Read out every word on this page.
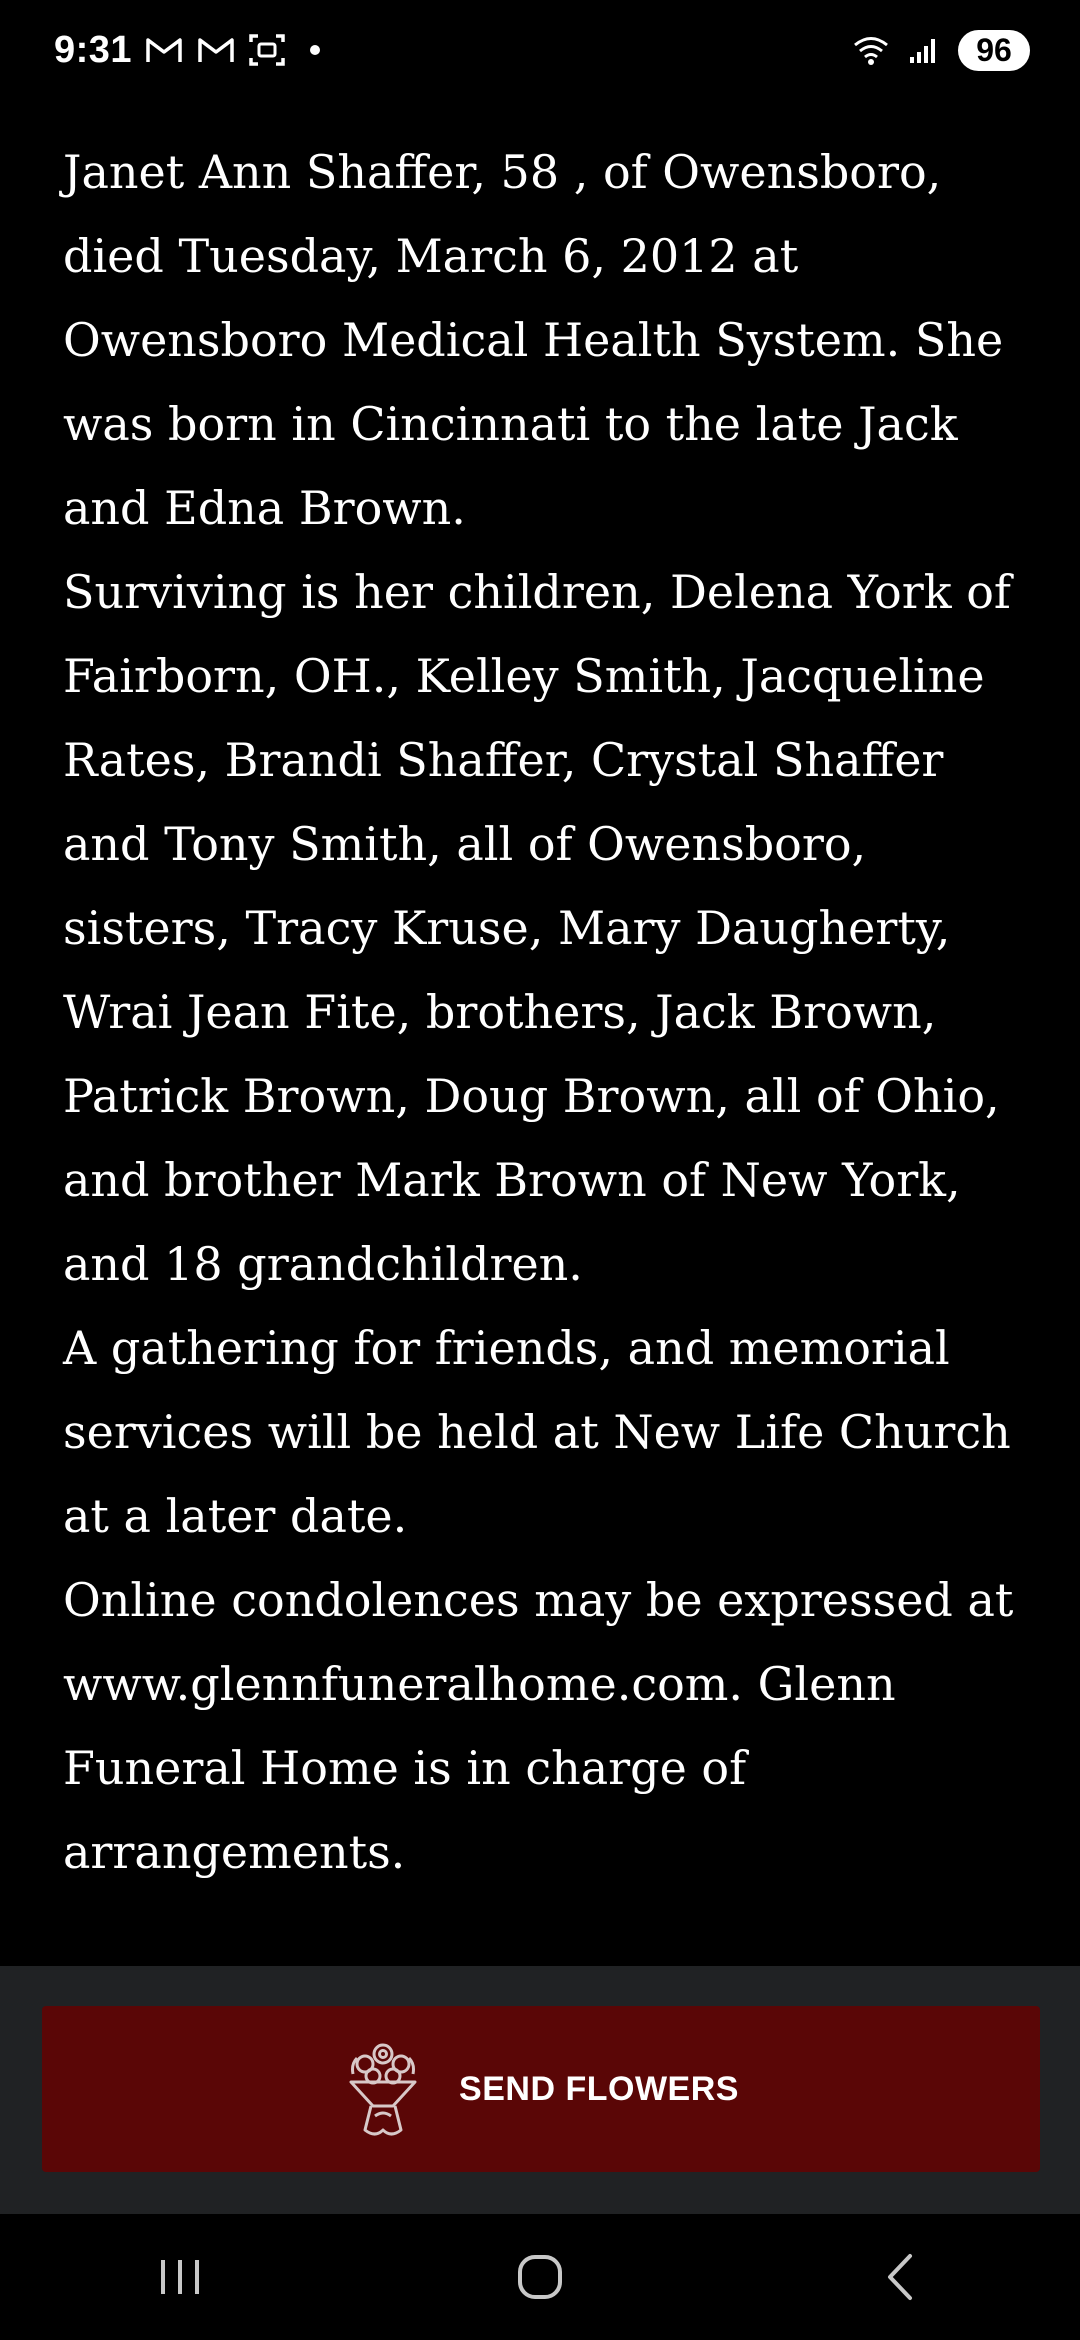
9:31	96

Janet Ann Shaffer, 58 , of Owensboro, died Tuesday, March 6, 2012 at Owensboro Medical Health System. She was born in Cincinnati to the late Jack and Edna Brown.

Surviving is her children, Delena York of Fairborn, OH., Kelley Smith, Jacqueline Rates, Brandi Shaffer, Crystal Shaffer and Tony Smith, all of Owensboro, sisters, Tracy Kruse, Mary Daugherty, Wrai Jean Fite, brothers, Jack Brown, Patrick Brown, Doug Brown, all of Ohio, and brother Mark Brown of New York, and 18 grandchildren.

A gathering for friends, and memorial services will be held at New Life Church at a later date.

Online condolences may be expressed at www.glennfuneralhome.com. Glenn Funeral Home is in charge of arrangements.

SEND FLOWERS
